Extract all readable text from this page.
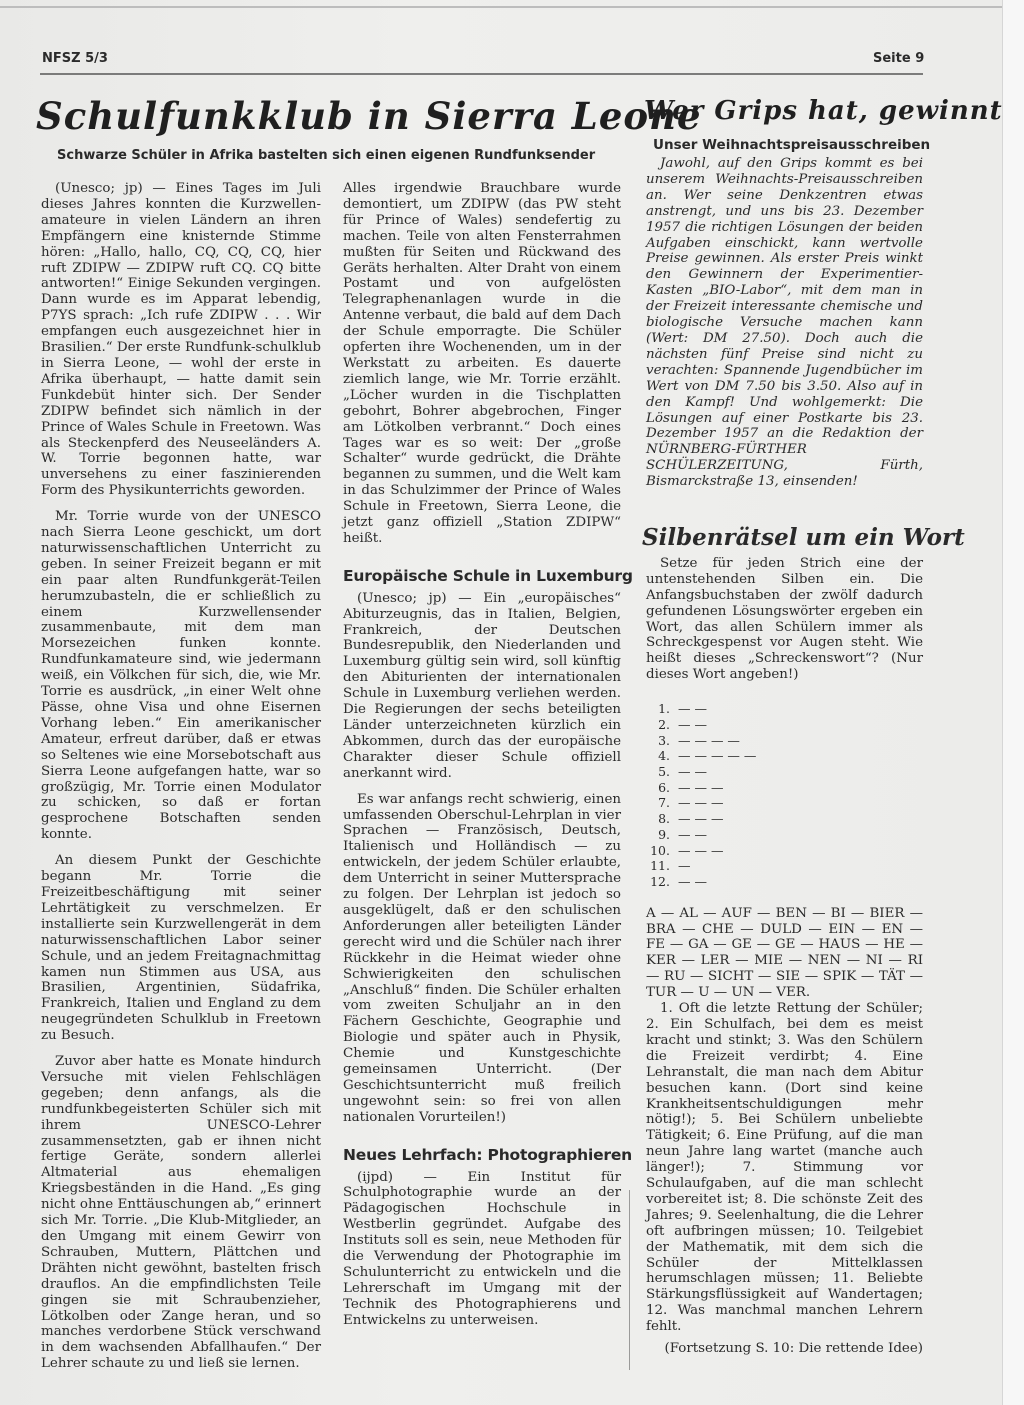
NFSZ 5/3	Seite 9
Schulfunkklub in Sierra Leone
Schwarze Schüler in Afrika bastelten sich einen eigenen Rundfunksender

(Unesco; jp) — Eines Tages im Juli dieses Jahres konnten die Kurzwellen-amateure in vielen Ländern an ihren Empfängern eine knisternde Stimme hören: „Hallo, hallo, CQ, CQ, CQ, hier ruft ZDIPW — ZDIPW ruft CQ. CQ bitte antworten!“ Einige Sekunden vergingen. Dann wurde es im Apparat lebendig, P7YS sprach: „Ich rufe ZDIPW . . . Wir empfangen euch ausgezeichnet hier in Brasilien.“ Der erste Rundfunk-schulklub in Sierra Leone, — wohl der erste in Afrika überhaupt, — hatte damit sein Funkdebüt hinter sich. Der Sender ZDIPW befindet sich nämlich in der Prince of Wales Schule in Freetown. Was als Steckenpferd des Neuseeländers A. W. Torrie begonnen hatte, war unversehens zu einer faszinierenden Form des Physikunterrichts geworden.

Mr. Torrie wurde von der UNESCO nach Sierra Leone geschickt, um dort naturwissenschaftlichen Unterricht zu geben. In seiner Freizeit begann er mit ein paar alten Rundfunkgerät-Teilen herumzubasteln, die er schließlich zu einem Kurzwellensender zusammenbaute, mit dem man Morsezeichen funken konnte. Rundfunkamateure sind, wie jedermann weiß, ein Völkchen für sich, die, wie Mr. Torrie es ausdrück, „in einer Welt ohne Pässe, ohne Visa und ohne Eisernen Vorhang leben.“ Ein amerikanischer Amateur, erfreut darüber, daß er etwas so Seltenes wie eine Morsebotschaft aus Sierra Leone aufgefangen hatte, war so großzügig, Mr. Torrie einen Modulator zu schicken, so daß er fortan gesprochene Botschaften senden konnte.

An diesem Punkt der Geschichte begann Mr. Torrie die Freizeitbeschäftigung mit seiner Lehrtätigkeit zu verschmelzen. Er installierte sein Kurzwellengerät in dem naturwissenschaftlichen Labor seiner Schule, und an jedem Freitagnachmittag kamen nun Stimmen aus USA, aus Brasilien, Argentinien, Südafrika, Frankreich, Italien und England zu dem neugegründeten Schulklub in Freetown zu Besuch.

Zuvor aber hatte es Monate hindurch Versuche mit vielen Fehlschlägen gegeben; denn anfangs, als die rundfunkbegeisterten Schüler sich mit ihrem UNESCO-Lehrer zusammensetzten, gab er ihnen nicht fertige Geräte, sondern allerlei Altmaterial aus ehemaligen Kriegsbeständen in die Hand. „Es ging nicht ohne Enttäuschungen ab,“ erinnert sich Mr. Torrie. „Die Klub-Mitglieder, an den Umgang mit einem Gewirr von Schrauben, Muttern, Plättchen und Drähten nicht gewöhnt, bastelten frisch drauflos. An die empfindlichsten Teile gingen sie mit Schraubenzieher, Lötkolben oder Zange heran, und so manches verdorbene Stück verschwand in dem wachsenden Abfallhaufen.“ Der Lehrer schaute zu und ließ sie lernen.

Alles irgendwie Brauchbare wurde demontiert, um ZDIPW (das PW steht für Prince of Wales) sendefertig zu machen. Teile von alten Fensterrahmen mußten für Seiten und Rückwand des Geräts herhalten. Alter Draht von einem Postamt und von aufgelösten Telegraphenanlagen wurde in die Antenne verbaut, die bald auf dem Dach der Schule emporragte. Die Schüler opferten ihre Wochenenden, um in der Werkstatt zu arbeiten. Es dauerte ziemlich lange, wie Mr. Torrie erzählt. „Löcher wurden in die Tischplatten gebohrt, Bohrer abgebrochen, Finger am Lötkolben verbrannt.“ Doch eines Tages war es so weit: Der „große Schalter“ wurde gedrückt, die Drähte begannen zu summen, und die Welt kam in das Schulzimmer der Prince of Wales Schule in Freetown, Sierra Leone, die jetzt ganz offiziell „Station ZDIPW“ heißt.

Europäische Schule in Luxemburg

(Unesco; jp) — Ein „europäisches“ Abiturzeugnis, das in Italien, Belgien, Frankreich, der Deutschen Bundesrepublik, den Niederlanden und Luxemburg gültig sein wird, soll künftig den Abiturienten der internationalen Schule in Luxemburg verliehen werden. Die Regierungen der sechs beteiligten Länder unterzeichneten kürzlich ein Abkommen, durch das der europäische Charakter dieser Schule offiziell anerkannt wird.

Es war anfangs recht schwierig, einen umfassenden Oberschul-Lehrplan in vier Sprachen — Französisch, Deutsch, Italienisch und Holländisch — zu entwickeln, der jedem Schüler erlaubte, dem Unterricht in seiner Muttersprache zu folgen. Der Lehrplan ist jedoch so ausgeklügelt, daß er den schulischen Anforderungen aller beteiligten Länder gerecht wird und die Schüler nach ihrer Rückkehr in die Heimat wieder ohne Schwierigkeiten den schulischen „Anschluß“ finden. Die Schüler erhalten vom zweiten Schuljahr an in den Fächern Geschichte, Geographie und Biologie und später auch in Physik, Chemie und Kunstgeschichte gemeinsamen Unterricht. (Der Geschichtsunterricht muß freilich ungewohnt sein: so frei von allen nationalen Vorurteilen!)

Neues Lehrfach: Photographieren

(ijpd) — Ein Institut für Schulphotographie wurde an der Pädagogischen Hochschule in Westberlin gegründet. Aufgabe des Instituts soll es sein, neue Methoden für die Verwendung der Photographie im Schulunterricht zu entwickeln und die Lehrerschaft im Umgang mit der Technik des Photographierens und Entwickelns zu unterweisen.

Wer Grips hat, gewinnt
Unser Weihnachtspreisausschreiben

Jawohl, auf den Grips kommt es bei unserem Weihnachts-Preisausschreiben an. Wer seine Denkzentren etwas anstrengt, und uns bis 23. Dezember 1957 die richtigen Lösungen der beiden Aufgaben einschickt, kann wertvolle Preise gewinnen. Als erster Preis winkt den Gewinnern der Experimentier-Kasten „BIO-Labor“, mit dem man in der Freizeit interessante chemische und biologische Versuche machen kann (Wert: DM 27.50). Doch auch die nächsten fünf Preise sind nicht zu verachten: Spannende Jugendbücher im Wert von DM 7.50 bis 3.50. Also auf in den Kampf! Und wohlgemerkt: Die Lösungen auf einer Postkarte bis 23. Dezember 1957 an die Redaktion der NÜRNBERG-FÜRTHER SCHÜLERZEITUNG, Fürth, Bismarckstraße 13, einsenden!

Silbenrätsel um ein Wort

Setze für jeden Strich eine der untenstehenden Silben ein. Die Anfangsbuchstaben der zwölf dadurch gefundenen Lösungswörter ergeben ein Wort, das allen Schülern immer als Schreckgespenst vor Augen steht. Wie heißt dieses „Schreckenswort“? (Nur dieses Wort angeben!)

1. — —
2. — —
3. — — — —
4. — — — — —
5. — —
6. — — —
7. — — —
8. — — —
9. — —
10. — — —
11. —
12. — —
A — AL — AUF — BEN — BI — BIER — BRA — CHE — DULD — EIN — EN — FE — GA — GE — GE — HAUS — HE — KER — LER — MIE — NEN — NI — RI — RU — SICHT — SIE — SPIK — TÄT — TUR — U — UN — VER.

1. Oft die letzte Rettung der Schüler; 2. Ein Schulfach, bei dem es meist kracht und stinkt; 3. Was den Schülern die Freizeit verdirbt; 4. Eine Lehranstalt, die man nach dem Abitur besuchen kann. (Dort sind keine Krankheitsentschuldigungen mehr nötig!); 5. Bei Schülern unbeliebte Tätigkeit; 6. Eine Prüfung, auf die man neun Jahre lang wartet (manche auch länger!); 7. Stimmung vor Schulaufgaben, auf die man schlecht vorbereitet ist; 8. Die schönste Zeit des Jahres; 9. Seelenhaltung, die die Lehrer oft aufbringen müssen; 10. Teilgebiet der Mathematik, mit dem sich die Schüler der Mittelklassen herumschlagen müssen; 11. Beliebte Stärkungsflüssigkeit auf Wandertagen; 12. Was manchmal manchen Lehrern fehlt.

(Fortsetzung S. 10: Die rettende Idee)
